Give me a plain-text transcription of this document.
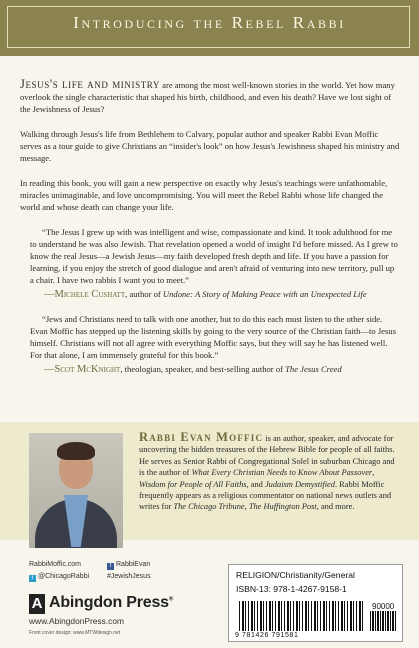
Introducing the Rebel Rabbi

Jesus's life and ministry are among the most well-known stories in the world. Yet how many overlook the single characteristic that shaped his birth, childhood, and even his death? Have we lost sight of the Jewishness of Jesus?

Walking through Jesus's life from Bethlehem to Calvary, popular author and speaker Rabbi Evan Moffic serves as a tour guide to give Christians an “insider's look” on how Jesus's Jewishness shaped his ministry and message.

In reading this book, you will gain a new perspective on exactly why Jesus's teachings were unfathomable, miracles unimaginable, and love uncompromising. You will meet the Rebel Rabbi whose life changed the world and whose death can change your life.

“The Jesus I grew up with was intelligent and wise, compassionate and kind. It took adulthood for me to understand he was also Jewish. That revelation opened a world of insight I'd before missed. As I grew to know the real Jesus—a Jewish Jesus—my faith developed fresh depth and life. If you have a passion for learning, if you enjoy the stretch of good dialogue and aren't afraid of venturing into new territory, pull up a chair. I have two rabbis I want you to meet.”

—Michele Cushatt, author of Undone: A Story of Making Peace with an Unexpected Life

“Jews and Christians need to talk with one another, but to do this each must listen to the other side. Evan Moffic has stepped up the listening skills by going to the very source of the Christian faith—to Jesus himself. Christians will not all agree with everything Moffic says, but they will say he has listened well. For that alone, I am immensely grateful for this book.”

—Scot McKnight, theologian, speaker, and best-selling author of The Jesus Creed

Rabbi Evan Moffic is an author, speaker, and advocate for uncovering the hidden treasures of the Hebrew Bible for people of all faiths. He serves as Senior Rabbi of Congregational Solel in suburban Chicago and is the author of What Every Christian Needs to Know About Passover, Wisdom for People of All Faiths, and Judaism Demystified. Rabbi Moffic frequently appears as a religious commentator on national news outlets and writes for The Chicago Tribune, The Huffington Post, and more.

RabbiMoffic.com	f RabbiEvan
t @ChicagoRabbi	#JewishJesus
A Abingdon Press®
www.AbingdonPress.com
Front cover design: www.MTWdesign.net
RELIGION/Christianity/General
ISBN-13: 978-1-4267-9158-1
90000
9 781426 791581
